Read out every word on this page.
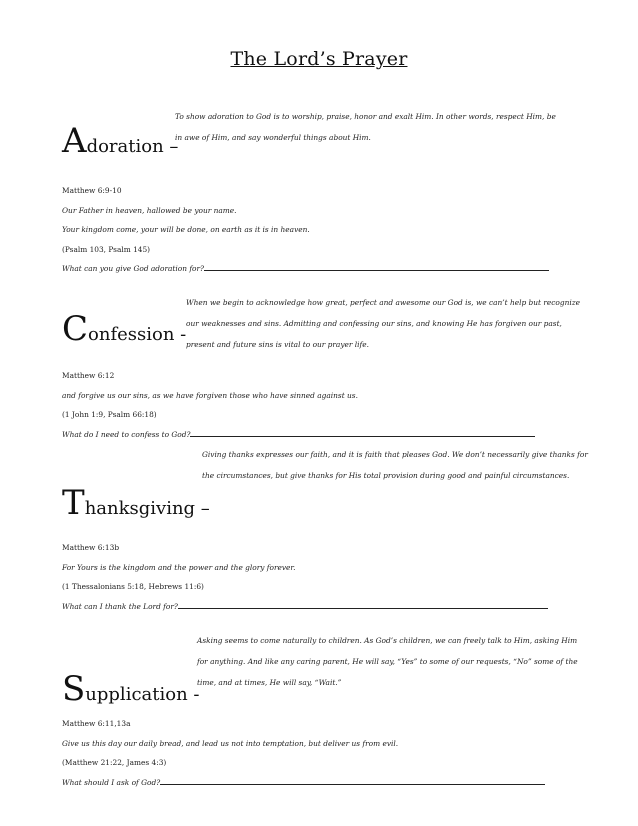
The Lord’s Prayer
Adoration –
To show adoration to God is to worship, praise, honor and exalt Him. In other words, respect Him, be in awe of Him, and say wonderful things about Him.
Matthew 6:9-10
Our Father in heaven, hallowed be your name.
Your kingdom come, your will be done, on earth as it is in heaven.
(Psalm 103, Psalm 145)
What can you give God adoration for?
Confession -
When we begin to acknowledge how great, perfect and awesome our God is, we can’t help but recognize our weaknesses and sins. Admitting and confessing our sins, and knowing He has forgiven our past, present and future sins is vital to our prayer life.
Matthew 6:12
and forgive us our sins, as we have forgiven those who have sinned against us.
(1 John 1:9, Psalm 66:18)
What do I need to confess to God?
Thanksgiving –
Giving thanks expresses our faith, and it is faith that pleases God. We don’t necessarily give thanks for the circumstances, but give thanks for His total provision during good and painful circumstances.
Matthew 6:13b
For Yours is the kingdom and the power and the glory forever.
(1 Thessalonians 5:18, Hebrews 11:6)
What can I thank the Lord for?
Supplication -
Asking seems to come naturally to children. As God’s children, we can freely talk to Him, asking Him for anything. And like any caring parent, He will say, “Yes” to some of our requests, “No” some of the time, and at times, He will say, “Wait.”
Matthew 6:11,13a
Give us this day our daily bread, and lead us not into temptation, but deliver us from evil.
(Matthew 21:22, James 4:3)
What should I ask of God?
